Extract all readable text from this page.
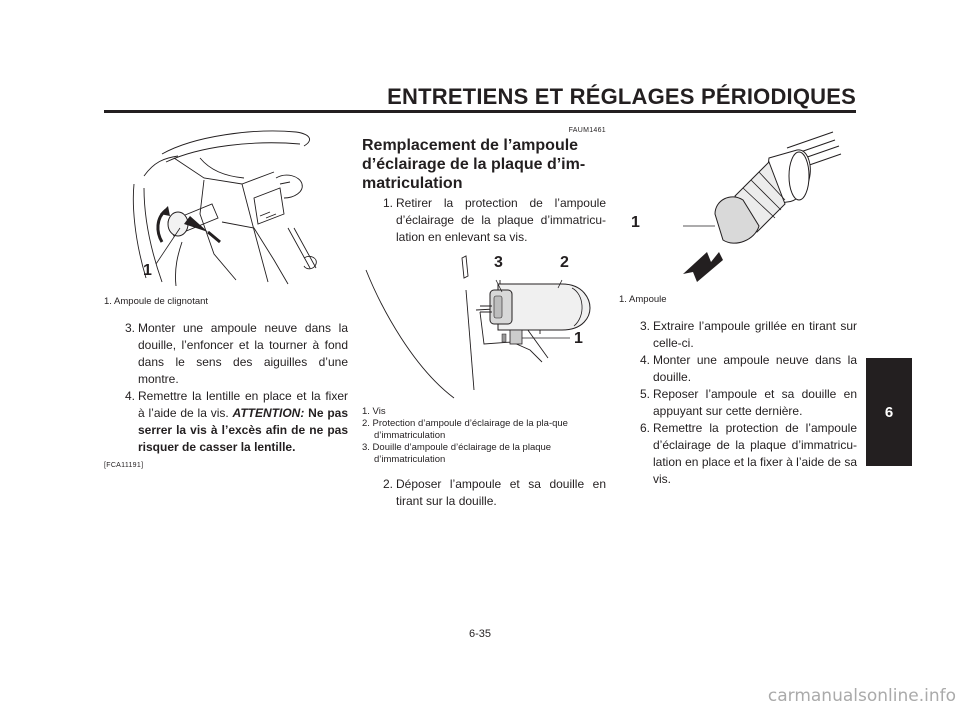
ENTRETIENS ET RÉGLAGES PÉRIODIQUES
6
1
1. Ampoule de clignotant
3. Monter une ampoule neuve dans la douille, l’enfoncer et la tourner à fond dans le sens des aiguilles d’une montre.
4. Remettre la lentille en place et la fixer à l’aide de la vis. ATTENTION: Ne pas serrer la vis à l’excès afin de ne pas risquer de casser la lentille.
[FCA11191]
FAUM1461
Remplacement de l’ampoule d’éclairage de la plaque d’im-matriculation
1. Retirer la protection de l’ampoule d’éclairage de la plaque d’immatricu-lation en enlevant sa vis.
3	2
1
1. Vis
2. Protection d’ampoule d’éclairage de la pla-que d’immatriculation
3. Douille d’ampoule d’éclairage de la plaque d’immatriculation
2. Déposer l’ampoule et sa douille en tirant sur la douille.
1
1. Ampoule
3. Extraire l’ampoule grillée en tirant sur celle-ci.
4. Monter une ampoule neuve dans la douille.
5. Reposer l’ampoule et sa douille en appuyant sur cette dernière.
6. Remettre la protection de l’ampoule d’éclairage de la plaque d’immatricu-lation en place et la fixer à l’aide de sa vis.
6-35
carmanualsonline.info
